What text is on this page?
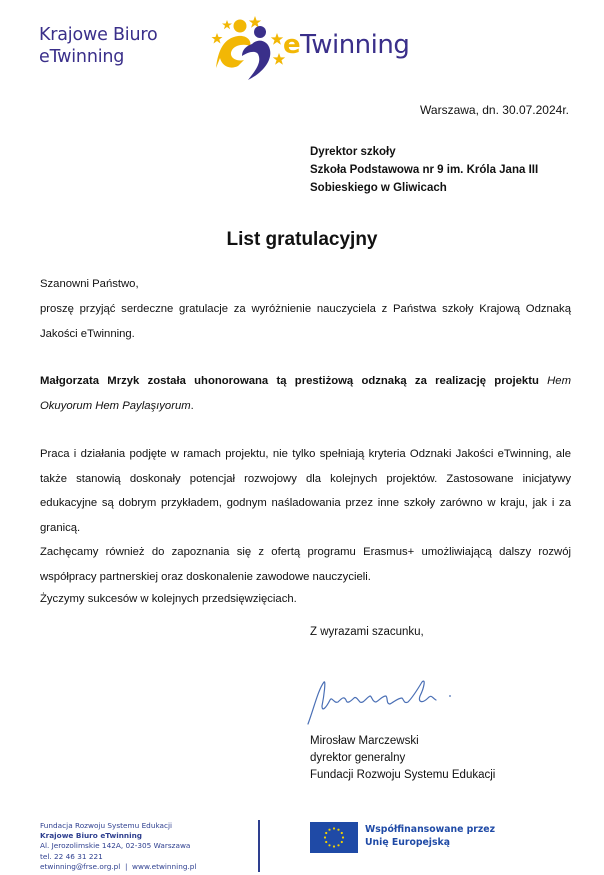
Krajowe Biuro
eTwinning	eTwinning
Warszawa, dn. 30.07.2024r.
Dyrektor szkoły
Szkoła Podstawowa nr 9 im. Króla Jana III
Sobieskiego w Gliwicach
List gratulacyjny
Szanowni Państwo,
proszę przyjąć serdeczne gratulacje za wyróżnienie nauczyciela z Państwa szkoły Krajową Odznaką Jakości eTwinning.
Małgorzata Mrzyk została uhonorowana tą prestiżową odznaką za realizację projektu Hem Okuyorum Hem Paylaşıyorum.
Praca i działania podjęte w ramach projektu, nie tylko spełniają kryteria Odznaki Jakości eTwinning, ale także stanowią doskonały potencjał rozwojowy dla kolejnych projektów. Zastosowane inicjatywy edukacyjne są dobrym przykładem, godnym naśladowania przez inne szkoły zarówno w kraju, jak i za granicą.
Zachęcamy również do zapoznania się z ofertą programu Erasmus+ umożliwiającą dalszy rozwój współpracy partnerskiej oraz doskonalenie zawodowe nauczycieli.
Życzymy sukcesów w kolejnych przedsięwzięciach.
Z wyrazami szacunku,
Mirosław Marczewski
dyrektor generalny
Fundacji Rozwoju Systemu Edukacji
Fundacja Rozwoju Systemu Edukacji
Krajowe Biuro eTwinning
Al. Jerozolimskie 142A, 02-305 Warszawa
tel. 22 46 31 221
etwinning@frse.org.pl  |  www.etwinning.pl
Współfinansowane przez
Unię Europejską
